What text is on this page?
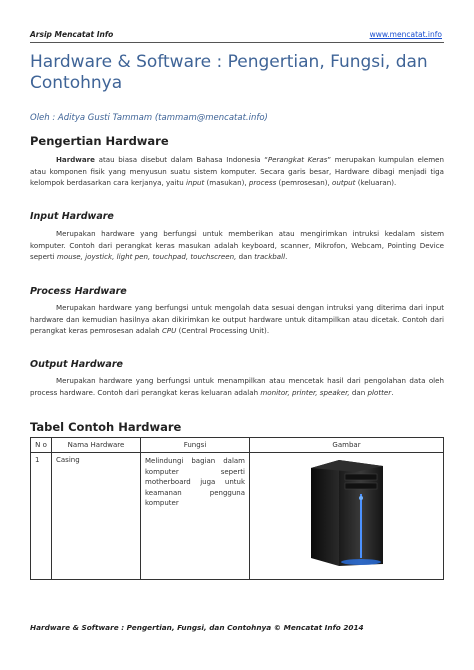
Arsip Mencatat Info	www.mencatat.info
Hardware & Software : Pengertian, Fungsi, dan Contohnya
Oleh : Aditya Gusti Tammam (tammam@mencatat.info)
Pengertian Hardware
Hardware atau biasa disebut dalam Bahasa Indonesia “Perangkat Keras” merupakan kumpulan elemen atau komponen fisik yang menyusun suatu sistem komputer. Secara garis besar, Hardware dibagi menjadi tiga kelompok berdasarkan cara kerjanya, yaitu input (masukan), process (pemrosesan), output (keluaran).
Input Hardware
Merupakan hardware yang berfungsi untuk memberikan atau mengirimkan intruksi kedalam sistem komputer. Contoh dari perangkat keras masukan adalah keyboard, scanner, Mikrofon, Webcam, Pointing Device seperti mouse, joystick, light pen, touchpad, touchscreen, dan trackball.
Process Hardware
Merupakan hardware yang berfungsi untuk mengolah data sesuai dengan intruksi yang diterima dari input hardware dan kemudian hasilnya akan dikirimkan ke output hardware untuk ditampilkan atau dicetak. Contoh dari perangkat keras pemrosesan adalah CPU (Central Processing Unit).
Output Hardware
Merupakan hardware yang berfungsi untuk menampilkan atau mencetak hasil dari pengolahan data oleh process hardware. Contoh dari perangkat keras keluaran adalah monitor, printer, speaker, dan plotter.
Tabel Contoh Hardware
N o	Nama Hardware	Fungsi	Gambar
1	Casing	Melindungi bagian dalam komputer seperti motherboard juga untuk keamanan pengguna komputer	
Hardware & Software : Pengertian, Fungsi, dan Contohnya © Mencatat Info 2014
